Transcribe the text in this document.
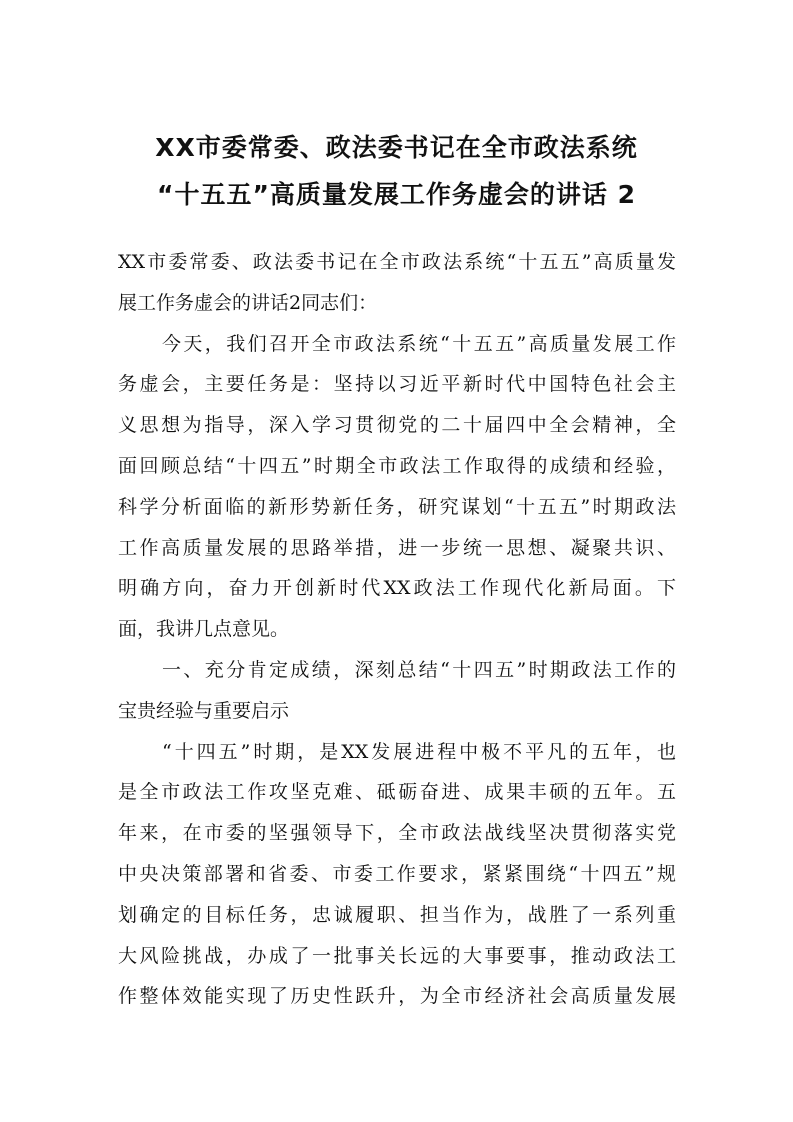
XX市委常委、政法委书记在全市政法系统
“十五五”高质量发展工作务虚会的讲话 2
XX市委常委、政法委书记在全市政法系统“十五五”高质量发
展工作务虚会的讲话2同志们：
今天，我们召开全市政法系统“十五五”高质量发展工作
务虚会，主要任务是：坚持以习近平新时代中国特色社会主
义思想为指导，深入学习贯彻党的二十届四中全会精神，全
面回顾总结“十四五”时期全市政法工作取得的成绩和经验，
科学分析面临的新形势新任务，研究谋划“十五五”时期政法
工作高质量发展的思路举措，进一步统一思想、凝聚共识、
明确方向，奋力开创新时代XX政法工作现代化新局面。下
面，我讲几点意见。
一、充分肯定成绩，深刻总结“十四五”时期政法工作的
宝贵经验与重要启示
“十四五”时期，是XX发展进程中极不平凡的五年，也
是全市政法工作攻坚克难、砥砺奋进、成果丰硕的五年。五
年来，在市委的坚强领导下，全市政法战线坚决贯彻落实党
中央决策部署和省委、市委工作要求，紧紧围绕“十四五”规
划确定的目标任务，忠诚履职、担当作为，战胜了一系列重
大风险挑战，办成了一批事关长远的大事要事，推动政法工
作整体效能实现了历史性跃升，为全市经济社会高质量发展
